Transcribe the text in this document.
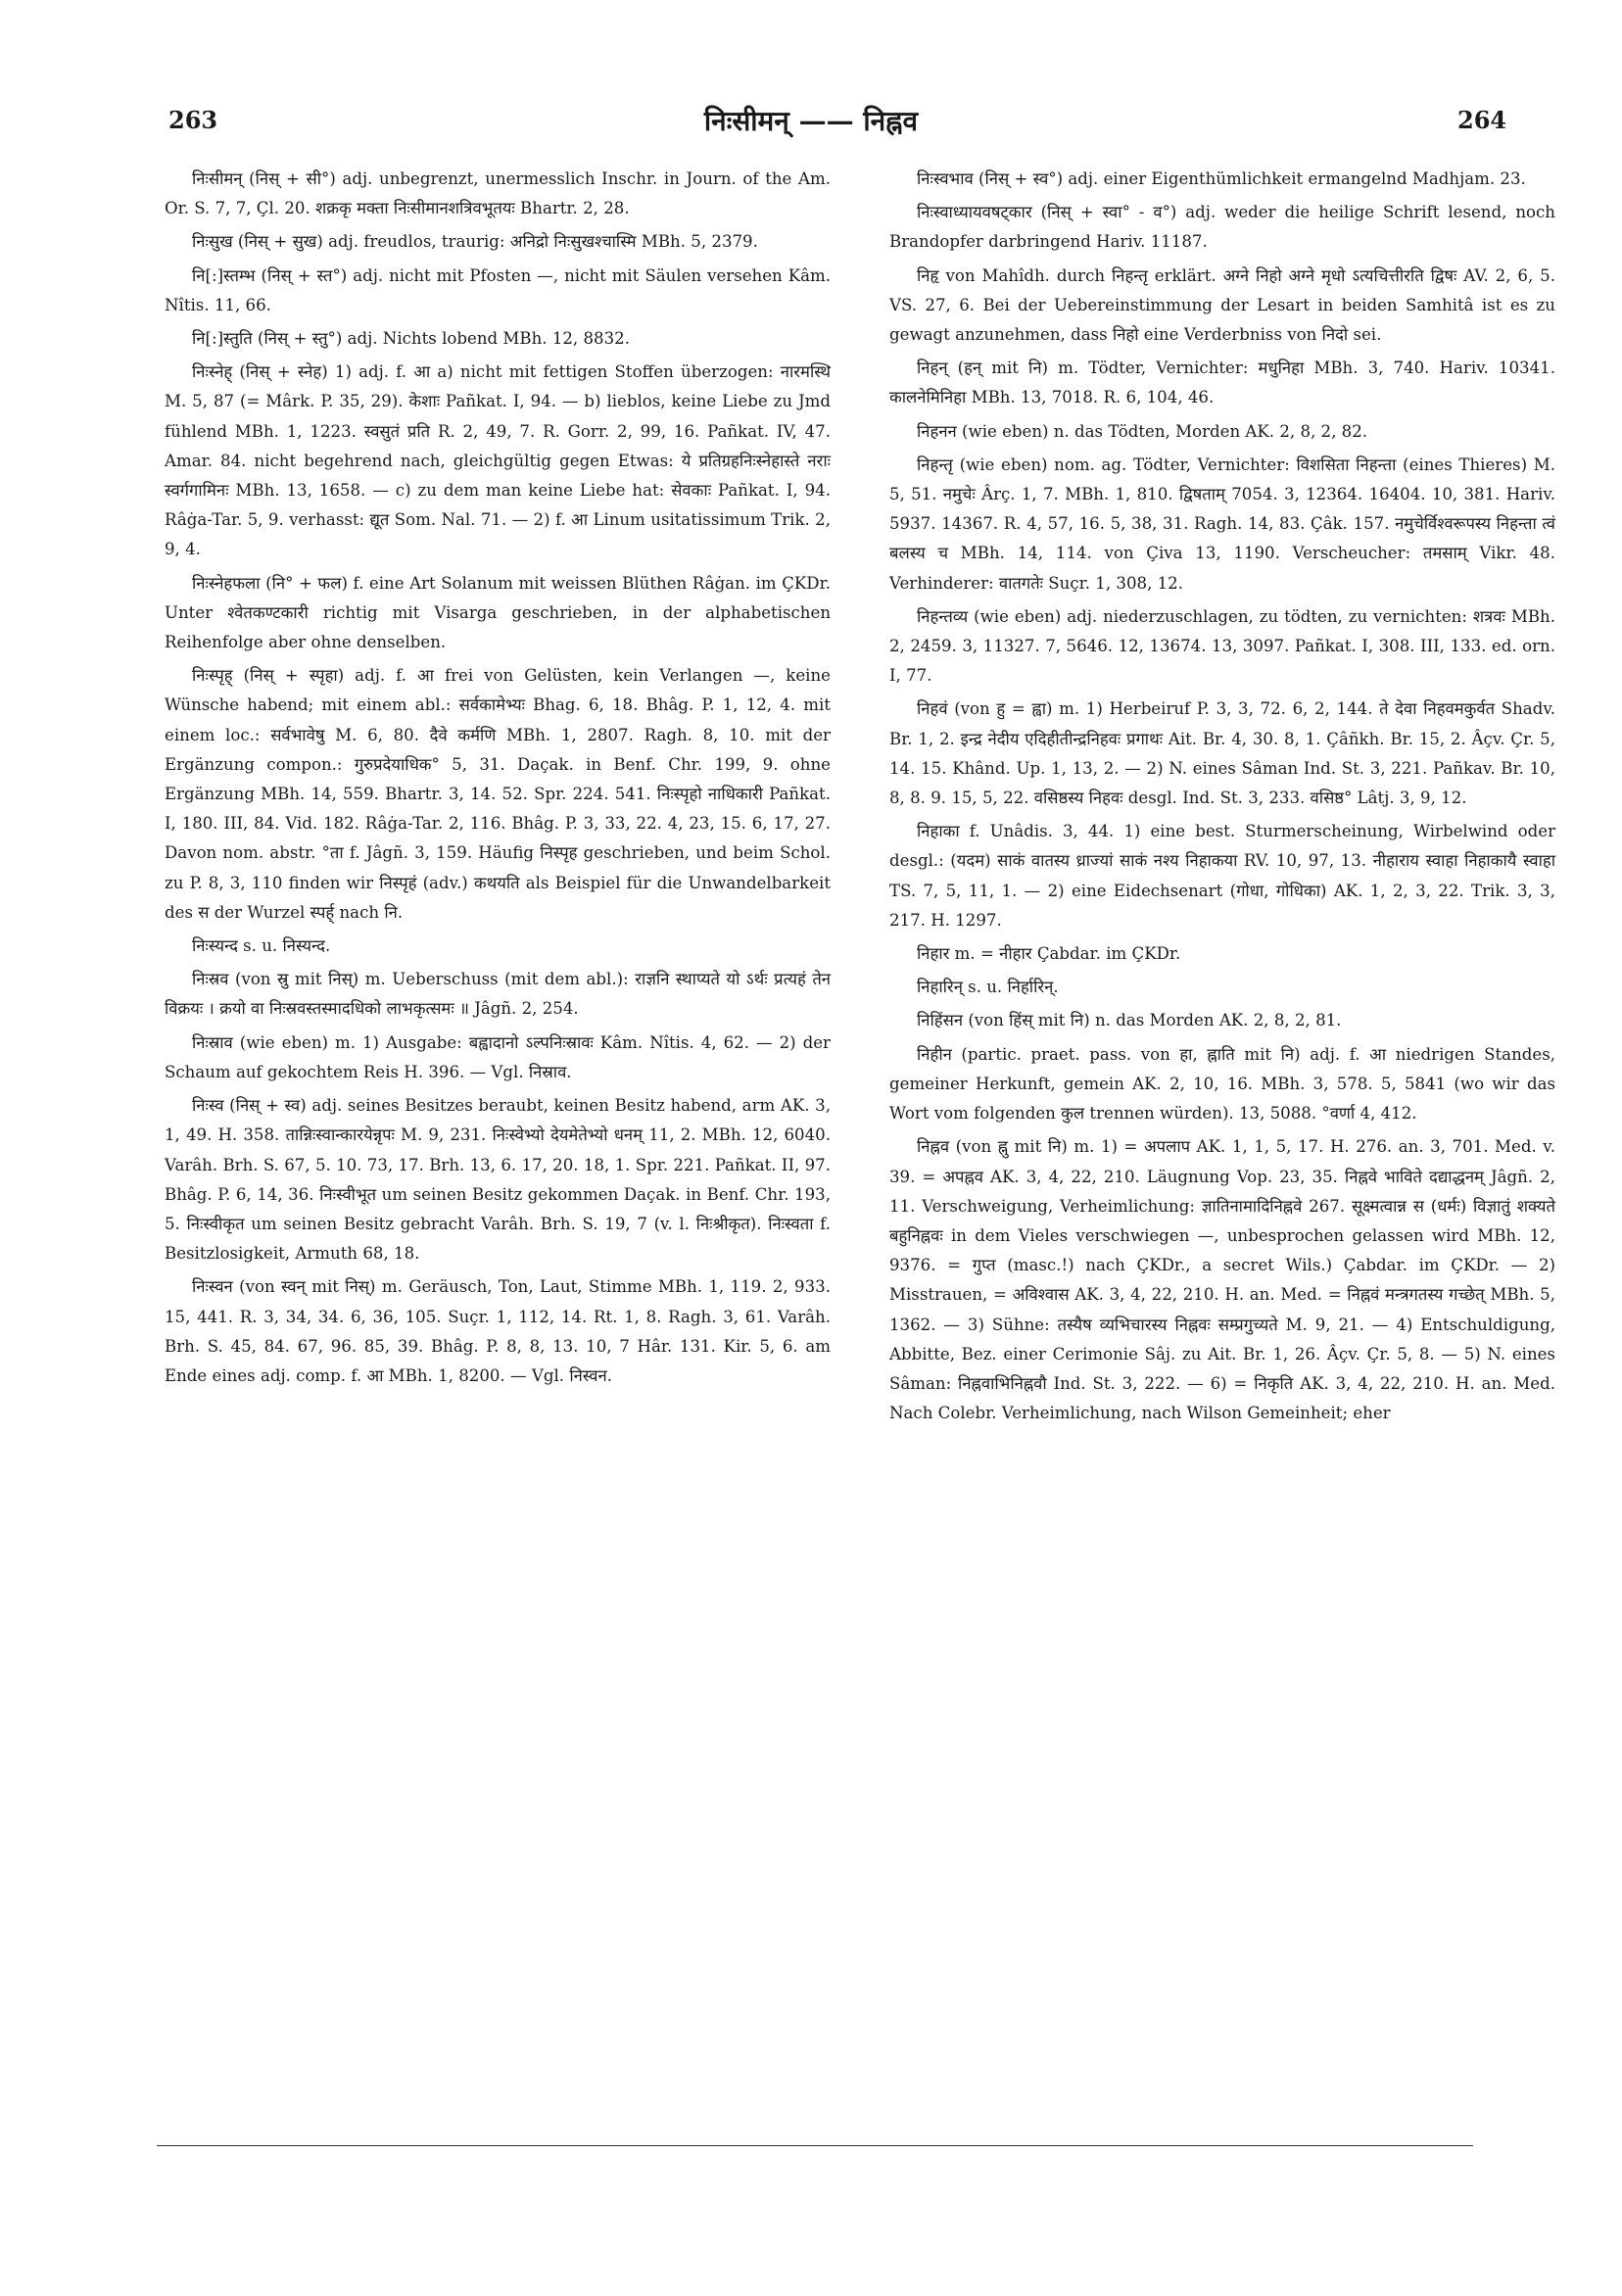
263	निःसीमन् —— निह्नव	264

निःसीमन् (निस् + सी°) adj. unbegrenzt, unermesslich Inschr. in Journ. of the Am. Or. S. 7, 7, Çl. 20. शक्रकृ मक्ता निःसीमानशत्रिवभूतयः Bhartr. 2, 28.

निःसुख (निस् + सुख) adj. freudlos, traurig: अनिद्रो निःसुखश्चास्मि MBh. 5, 2379.

नि[:]स्तम्भ (निस् + स्त°) adj. nicht mit Pfosten —, nicht mit Säulen versehen Kâm. Nîtis. 11, 66.

नि[:]स्तुति (निस् + स्तु°) adj. Nichts lobend MBh. 12, 8832.

निःस्नेह् (निस् + स्नेह) 1) adj. f. आ a) nicht mit fettigen Stoffen überzogen: नारमस्थि M. 5, 87 (= Mârk. P. 35, 29). केशाः Pañkat. I, 94. — b) lieblos, keine Liebe zu Jmd fühlend MBh. 1, 1223. स्वसुतं प्रति R. 2, 49, 7. R. Gorr. 2, 99, 16. Pañkat. IV, 47. Amar. 84. nicht begehrend nach, gleichgültig gegen Etwas: ये प्रतिग्रहनिःस्नेहास्ते नराः स्वर्गगामिनः MBh. 13, 1658. — c) zu dem man keine Liebe hat: सेवकाः Pañkat. I, 94. Râġa-Tar. 5, 9. verhasst: द्यूत Som. Nal. 71. — 2) f. आ Linum usitatissimum Trik. 2, 9, 4.

निःस्नेहफला (नि° + फल) f. eine Art Solanum mit weissen Blüthen Râġan. im ÇKDr. Unter श्वेतकण्टकारी richtig mit Visarga geschrieben, in der alphabetischen Reihenfolge aber ohne denselben.

निःस्पृह् (निस् + स्पृहा) adj. f. आ frei von Gelüsten, kein Verlangen —, keine Wünsche habend; mit einem abl.: सर्वकामेभ्यः Bhag. 6, 18. Bhâg. P. 1, 12, 4. mit einem loc.: सर्वभावेषु M. 6, 80. दैवे कर्मणि MBh. 1, 2807. Ragh. 8, 10. mit der Ergänzung compon.: गुरुप्रदेयाधिक° 5, 31. Daçak. in Benf. Chr. 199, 9. ohne Ergänzung MBh. 14, 559. Bhartr. 3, 14. 52. Spr. 224. 541. निःस्पृहो नाधिकारी Pañkat. I, 180. III, 84. Vid. 182. Râġa-Tar. 2, 116. Bhâg. P. 3, 33, 22. 4, 23, 15. 6, 17, 27. Davon nom. abstr. °ता f. Jâgñ. 3, 159. Häufig निस्पृह geschrieben, und beim Schol. zu P. 8, 3, 110 finden wir निस्पृहं (adv.) कथयति als Beispiel für die Unwandelbarkeit des स der Wurzel स्पर्ह् nach नि.

निःस्यन्द s. u. निस्यन्द.

निःस्रव (von स्रु mit निस्) m. Ueberschuss (mit dem abl.): राज्ञनि स्थाप्यते यो ऽर्थः प्रत्यहं तेन विक्रयः । क्रयो वा निःस्रवस्तस्मादधिको लाभकृत्समः ॥ Jâgñ. 2, 254.

निःस्राव (wie eben) m. 1) Ausgabe: बह्वादानो ऽल्पनिःस्रावः Kâm. Nîtis. 4, 62. — 2) der Schaum auf gekochtem Reis H. 396. — Vgl. निस्राव.

निःस्व (निस् + स्व) adj. seines Besitzes beraubt, keinen Besitz habend, arm AK. 3, 1, 49. H. 358. तान्निःस्वान्कारयेन्नृपः M. 9, 231. निःस्वेभ्यो देयमेतेभ्यो धनम् 11, 2. MBh. 12, 6040. Varâh. Brh. S. 67, 5. 10. 73, 17. Brh. 13, 6. 17, 20. 18, 1. Spr. 221. Pañkat. II, 97. Bhâg. P. 6, 14, 36. निःस्वीभूत um seinen Besitz gekommen Daçak. in Benf. Chr. 193, 5. निःस्वीकृत um seinen Besitz gebracht Varâh. Brh. S. 19, 7 (v. l. निःश्रीकृत). निःस्वता f. Besitzlosigkeit, Armuth 68, 18.

निःस्वन (von स्वन् mit निस्) m. Geräusch, Ton, Laut, Stimme MBh. 1, 119. 2, 933. 15, 441. R. 3, 34, 34. 6, 36, 105. Suçr. 1, 112, 14. Rt. 1, 8. Ragh. 3, 61. Varâh. Brh. S. 45, 84. 67, 96. 85, 39. Bhâg. P. 8, 8, 13. 10, 7 Hâr. 131. Kir. 5, 6. am Ende eines adj. comp. f. आ MBh. 1, 8200. — Vgl. निस्वन.

निःस्वभाव (निस् + स्व°) adj. einer Eigenthümlichkeit ermangelnd Madhjam. 23.

निःस्वाध्यायवषट्कार (निस् + स्वा° - व°) adj. weder die heilige Schrift lesend, noch Brandopfer darbringend Hariv. 11187.

निहृ von Mahîdh. durch निहन्तृ erklärt. अग्ने निहो अग्ने मृधो ऽत्यचित्तीरति द्विषः AV. 2, 6, 5. VS. 27, 6. Bei der Uebereinstimmung der Lesart in beiden Samhitâ ist es zu gewagt anzunehmen, dass निहो eine Verderbniss von निदो sei.

निहन् (हन् mit नि) m. Tödter, Vernichter: मधुनिहा MBh. 3, 740. Hariv. 10341. कालनेमिनिहा MBh. 13, 7018. R. 6, 104, 46.

निहनन (wie eben) n. das Tödten, Morden AK. 2, 8, 2, 82.

निहन्तृ (wie eben) nom. ag. Tödter, Vernichter: विशसिता निहन्ता (eines Thieres) M. 5, 51. नमुचेः Ârç. 1, 7. MBh. 1, 810. द्विषताम् 7054. 3, 12364. 16404. 10, 381. Hariv. 5937. 14367. R. 4, 57, 16. 5, 38, 31. Ragh. 14, 83. Çâk. 157. नमुचेर्विश्वरूपस्य निहन्ता त्वं बलस्य च MBh. 14, 114. von Çiva 13, 1190. Verscheucher: तमसाम् Vikr. 48. Verhinderer: वातगतेः Suçr. 1, 308, 12.

निहन्तव्य (wie eben) adj. niederzuschlagen, zu tödten, zu vernichten: शत्रवः MBh. 2, 2459. 3, 11327. 7, 5646. 12, 13674. 13, 3097. Pañkat. I, 308. III, 133. ed. orn. I, 77.

निहवं (von हु = ह्वा) m. 1) Herbeiruf P. 3, 3, 72. 6, 2, 144. ते देवा निहवमकुर्वत Shadv. Br. 1, 2. इन्द्र नेदीय एदिहीतीन्द्रनिहवः प्रगाथः Ait. Br. 4, 30. 8, 1. Çâñkh. Br. 15, 2. Âçv. Çr. 5, 14. 15. Khând. Up. 1, 13, 2. — 2) N. eines Sâman Ind. St. 3, 221. Pañkav. Br. 10, 8, 8. 9. 15, 5, 22. वसिष्ठस्य निहवः desgl. Ind. St. 3, 233. वसिष्ठ° Lâtj. 3, 9, 12.

निहाका f. Unâdis. 3, 44. 1) eine best. Sturmerscheinung, Wirbelwind oder desgl.: (यदम) साकं वातस्य ध्राज्यां साकं नश्य निहाकया RV. 10, 97, 13. नीहाराय स्वाहा निहाकायै स्वाहा TS. 7, 5, 11, 1. — 2) eine Eidechsenart (गोधा, गोधिका) AK. 1, 2, 3, 22. Trik. 3, 3, 217. H. 1297.

निहार m. = नीहार Çabdar. im ÇKDr.

निहारिन् s. u. निर्हारिन्.

निहिंसन (von हिंस् mit नि) n. das Morden AK. 2, 8, 2, 81.

निहीन (partic. praet. pass. von हा, ह्नाति mit नि) adj. f. आ niedrigen Standes, gemeiner Herkunft, gemein AK. 2, 10, 16. MBh. 3, 578. 5, 5841 (wo wir das Wort vom folgenden कुल trennen würden). 13, 5088. °वर्णा 4, 412.

निह्नव (von ह्नु mit नि) m. 1) = अपलाप AK. 1, 1, 5, 17. H. 276. an. 3, 701. Med. v. 39. = अपह्नव AK. 3, 4, 22, 210. Läugnung Vop. 23, 35. निह्नवे भाविते दद्याद्धनम् Jâgñ. 2, 11. Verschweigung, Verheimlichung: ज्ञातिनामादिनिह्नवे 267. सूक्ष्मत्वान्न स (धर्मः) विज्ञातुं शक्यते बहुनिह्नवः in dem Vieles verschwiegen —, unbesprochen gelassen wird MBh. 12, 9376. = गुप्त (masc.!) nach ÇKDr., a secret Wils.) Çabdar. im ÇKDr. — 2) Misstrauen, = अविश्वास AK. 3, 4, 22, 210. H. an. Med. = निह्नवं मन्त्रगतस्य गच्छेत् MBh. 5, 1362. — 3) Sühne: तस्यैष व्यभिचारस्य निह्नवः सम्प्रगुच्यते M. 9, 21. — 4) Entschuldigung, Abbitte, Bez. einer Cerimonie Sâj. zu Ait. Br. 1, 26. Âçv. Çr. 5, 8. — 5) N. eines Sâman: निह्नवाभिनिह्नवौ Ind. St. 3, 222. — 6) = निकृति AK. 3, 4, 22, 210. H. an. Med. Nach Colebr. Verheimlichung, nach Wilson Gemeinheit; eher
